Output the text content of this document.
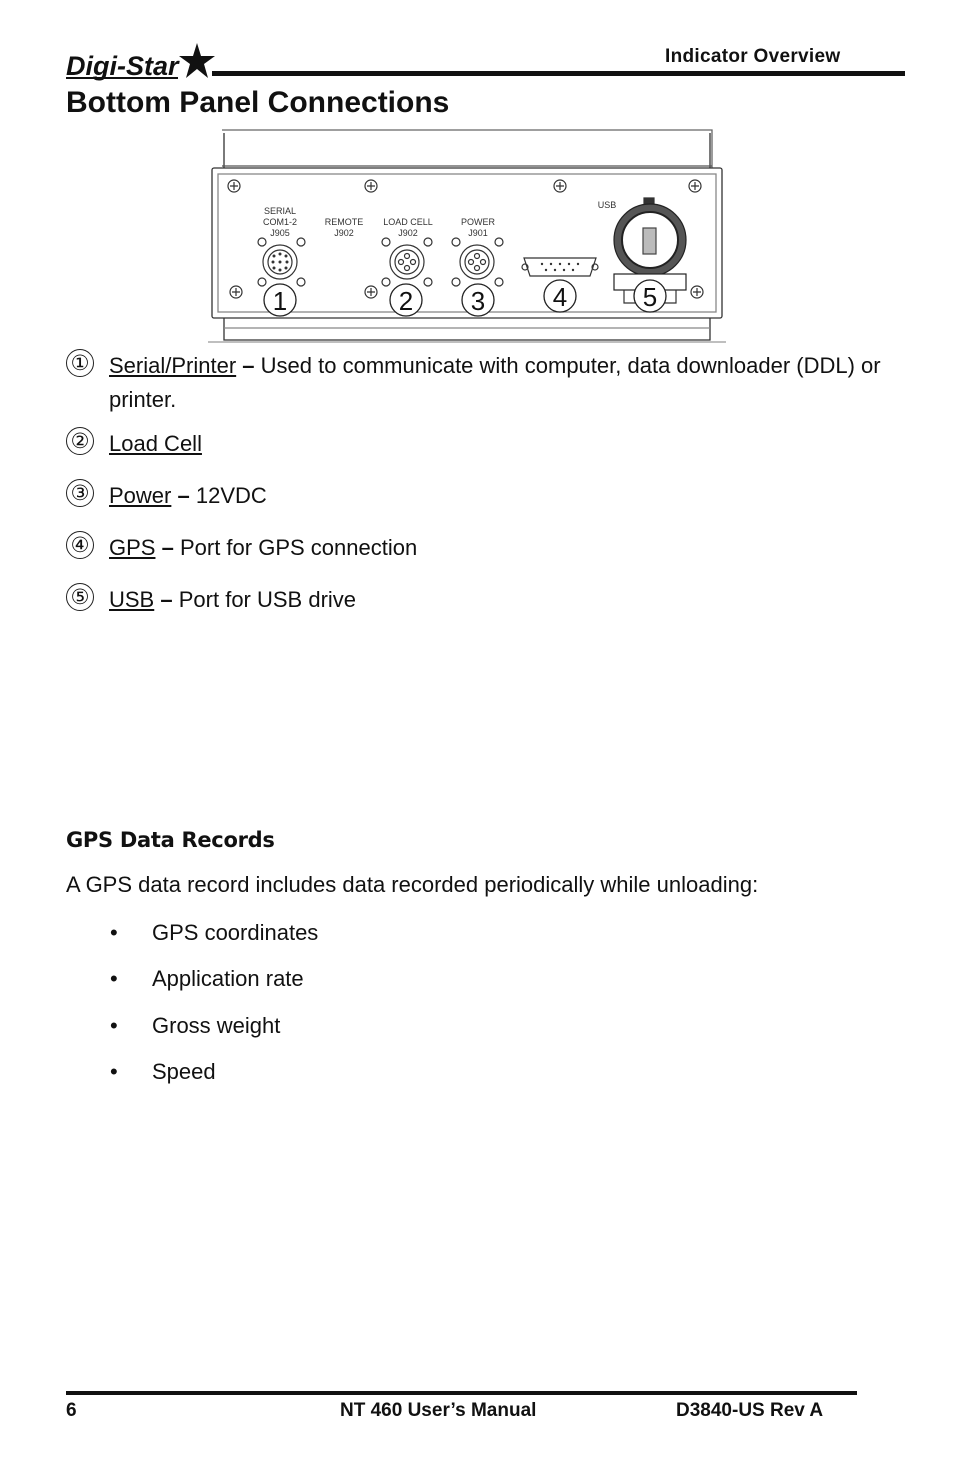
Digi-Star	Indicator Overview
Bottom Panel Connections
SERIAL
COM1-2
J905
REMOTE
J902
LOAD CELL
J902
POWER
J901
USB
1	2 3	4	5
① Serial/Printer – Used to communicate with computer, data downloader (DDL) or printer.
② Load Cell
③ Power – 12VDC
④ GPS – Port for GPS connection
⑤ USB – Port for USB drive
GPS Data Records
A GPS data record includes data recorded periodically while unloading:
• GPS coordinates
• Application rate
• Gross weight
• Speed
6	NT 460 User’s Manual	D3840-US Rev A
